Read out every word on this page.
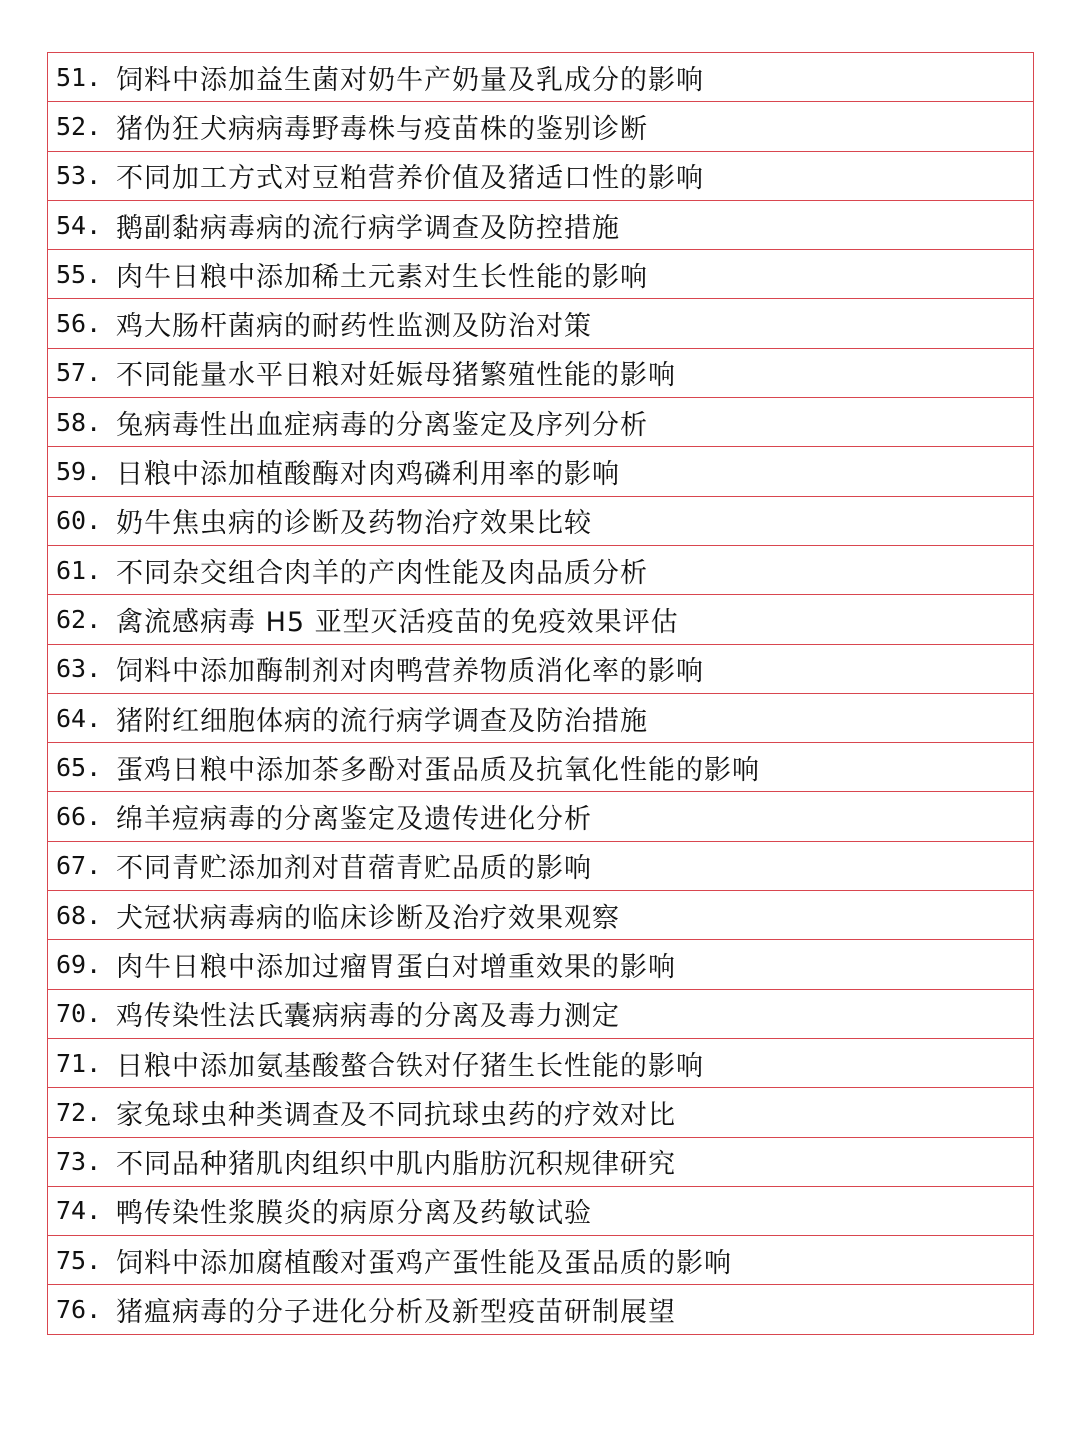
51. 饲料中添加益生菌对奶牛产奶量及乳成分的影响
52. 猪伪狂犬病病毒野毒株与疫苗株的鉴别诊断
53. 不同加工方式对豆粕营养价值及猪适口性的影响
54. 鹅副黏病毒病的流行病学调查及防控措施
55. 肉牛日粮中添加稀土元素对生长性能的影响
56. 鸡大肠杆菌病的耐药性监测及防治对策
57. 不同能量水平日粮对妊娠母猪繁殖性能的影响
58. 兔病毒性出血症病毒的分离鉴定及序列分析
59. 日粮中添加植酸酶对肉鸡磷利用率的影响
60. 奶牛焦虫病的诊断及药物治疗效果比较
61. 不同杂交组合肉羊的产肉性能及肉品质分析
62. 禽流感病毒 H5 亚型灭活疫苗的免疫效果评估
63. 饲料中添加酶制剂对肉鸭营养物质消化率的影响
64. 猪附红细胞体病的流行病学调查及防治措施
65. 蛋鸡日粮中添加茶多酚对蛋品质及抗氧化性能的影响
66. 绵羊痘病毒的分离鉴定及遗传进化分析
67. 不同青贮添加剂对苜蓿青贮品质的影响
68. 犬冠状病毒病的临床诊断及治疗效果观察
69. 肉牛日粮中添加过瘤胃蛋白对增重效果的影响
70. 鸡传染性法氏囊病病毒的分离及毒力测定
71. 日粮中添加氨基酸螯合铁对仔猪生长性能的影响
72. 家兔球虫种类调查及不同抗球虫药的疗效对比
73. 不同品种猪肌肉组织中肌内脂肪沉积规律研究
74. 鸭传染性浆膜炎的病原分离及药敏试验
75. 饲料中添加腐植酸对蛋鸡产蛋性能及蛋品质的影响
76. 猪瘟病毒的分子进化分析及新型疫苗研制展望
